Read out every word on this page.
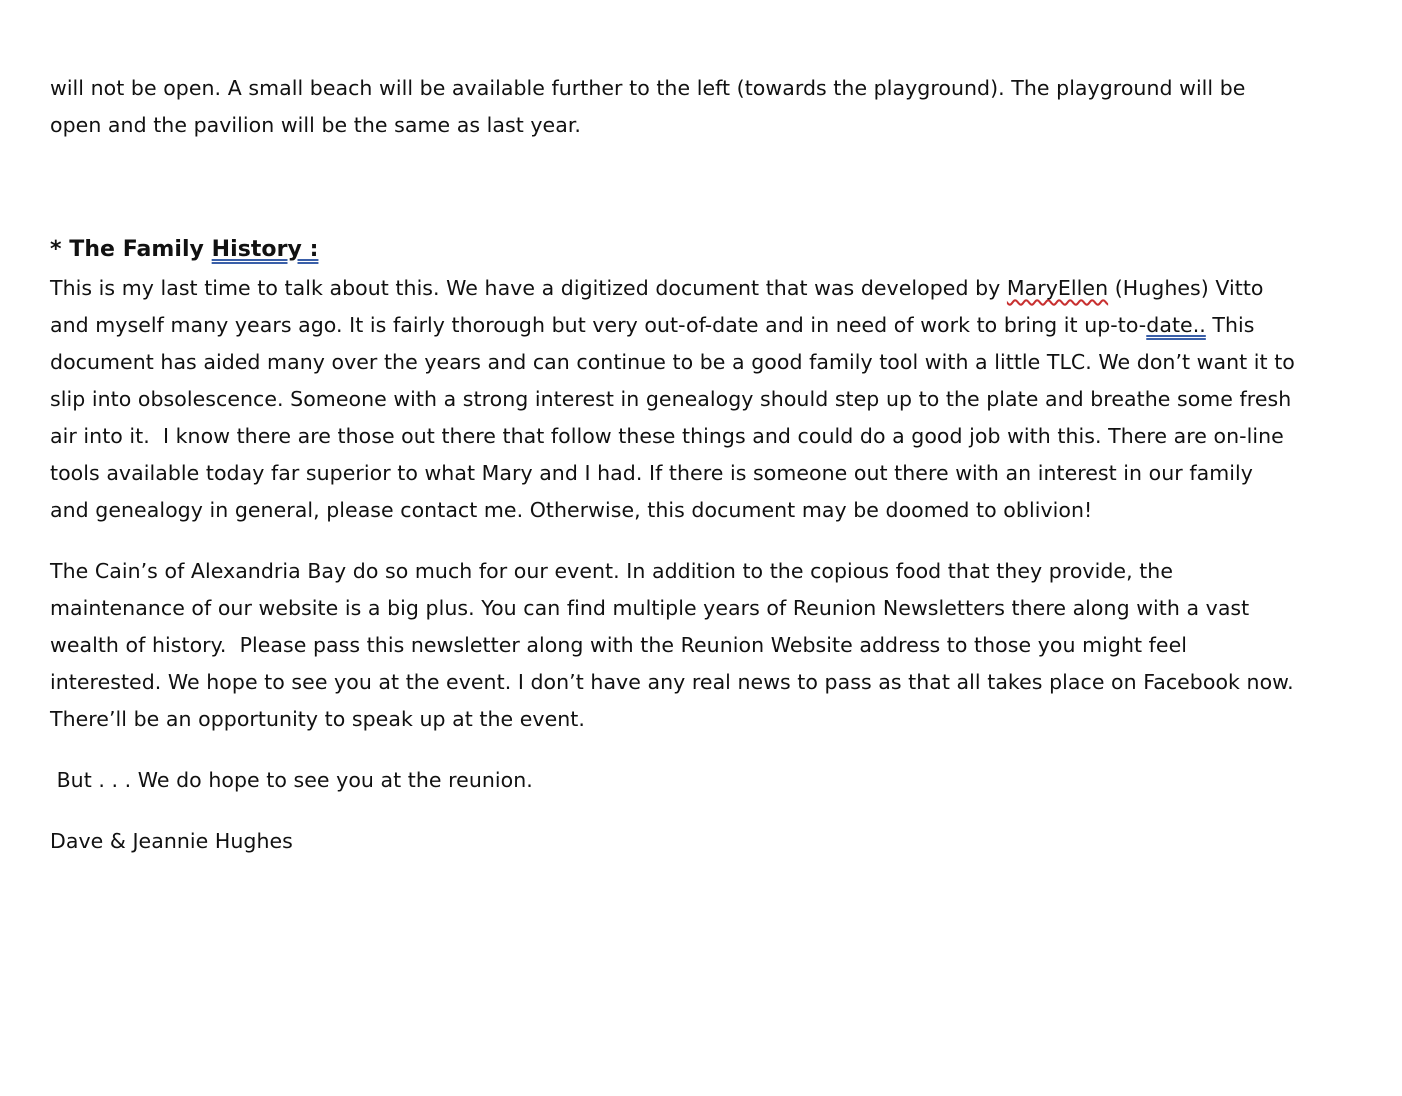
will not be open. A small beach will be available further to the left (towards the playground). The playground will be

open and the pavilion will be the same as last year.

* The Family History :

This is my last time to talk about this. We have a digitized document that was developed by MaryEllen (Hughes) Vitto

and myself many years ago. It is fairly thorough but very out-of-date and in need of work to bring it up-to-date.. This

document has aided many over the years and can continue to be a good family tool with a little TLC. We don’t want it to

slip into obsolescence. Someone with a strong interest in genealogy should step up to the plate and breathe some fresh

air into it.  I know there are those out there that follow these things and could do a good job with this. There are on-line

tools available today far superior to what Mary and I had. If there is someone out there with an interest in our family

and genealogy in general, please contact me. Otherwise, this document may be doomed to oblivion!

The Cain’s of Alexandria Bay do so much for our event. In addition to the copious food that they provide, the

maintenance of our website is a big plus. You can find multiple years of Reunion Newsletters there along with a vast

wealth of history.  Please pass this newsletter along with the Reunion Website address to those you might feel

interested. We hope to see you at the event. I don’t have any real news to pass as that all takes place on Facebook now.

There’ll be an opportunity to speak up at the event.

But . . . We do hope to see you at the reunion.

Dave & Jeannie Hughes
